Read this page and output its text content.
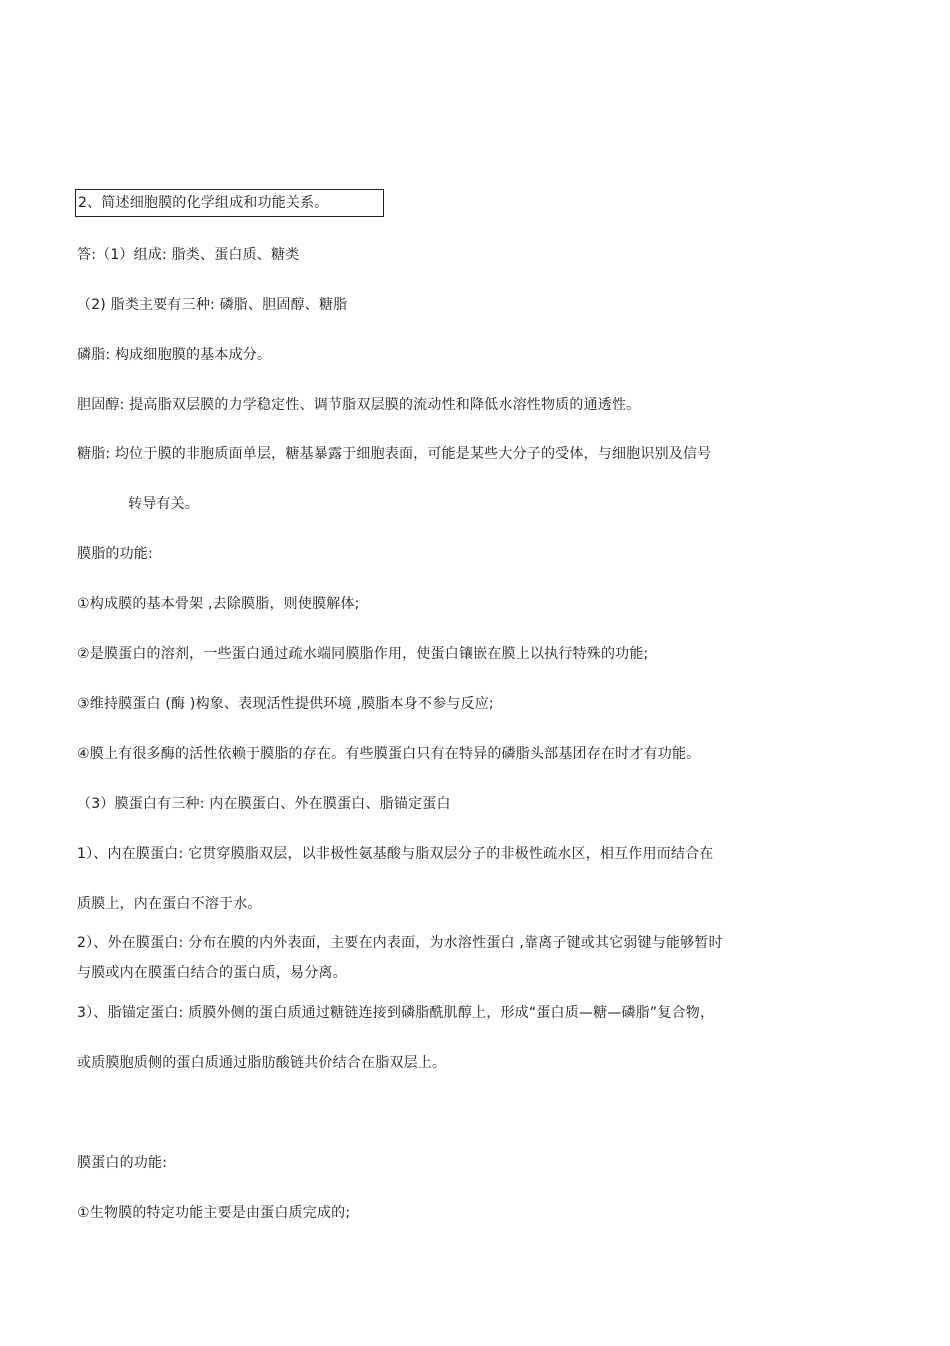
2、简述细胞膜的化学组成和功能关系。
答:（1）组成: 脂类、蛋白质、糖类
（2) 脂类主要有三种: 磷脂、胆固醇、糖脂
磷脂: 构成细胞膜的基本成分。
胆固醇: 提高脂双层膜的力学稳定性、调节脂双层膜的流动性和降低水溶性物质的通透性。
糖脂: 均位于膜的非胞质面单层，糖基暴露于细胞表面，可能是某些大分子的受体，与细胞识别及信号
转导有关。
膜脂的功能:
①构成膜的基本骨架 ,去除膜脂，则使膜解体;
②是膜蛋白的溶剂，一些蛋白通过疏水端同膜脂作用，使蛋白镶嵌在膜上以执行特殊的功能;
③维持膜蛋白 (酶 )构象、表现活性提供环境 ,膜脂本身不参与反应;
④膜上有很多酶的活性依赖于膜脂的存在。有些膜蛋白只有在特异的磷脂头部基团存在时才有功能。
（3）膜蛋白有三种: 内在膜蛋白、外在膜蛋白、脂锚定蛋白
1）、内在膜蛋白: 它贯穿膜脂双层，以非极性氨基酸与脂双层分子的非极性疏水区，相互作用而结合在
质膜上，内在蛋白不溶于水。
2）、外在膜蛋白: 分布在膜的内外表面，主要在内表面，为水溶性蛋白 ,靠离子键或其它弱键与能够暂时
与膜或内在膜蛋白结合的蛋白质，易分离。
3）、脂锚定蛋白: 质膜外侧的蛋白质通过糖链连接到磷脂酰肌醇上，形成“蛋白质—糖—磷脂”复合物，
或质膜胞质侧的蛋白质通过脂肪酸链共价结合在脂双层上。
膜蛋白的功能:
①生物膜的特定功能主要是由蛋白质完成的;
